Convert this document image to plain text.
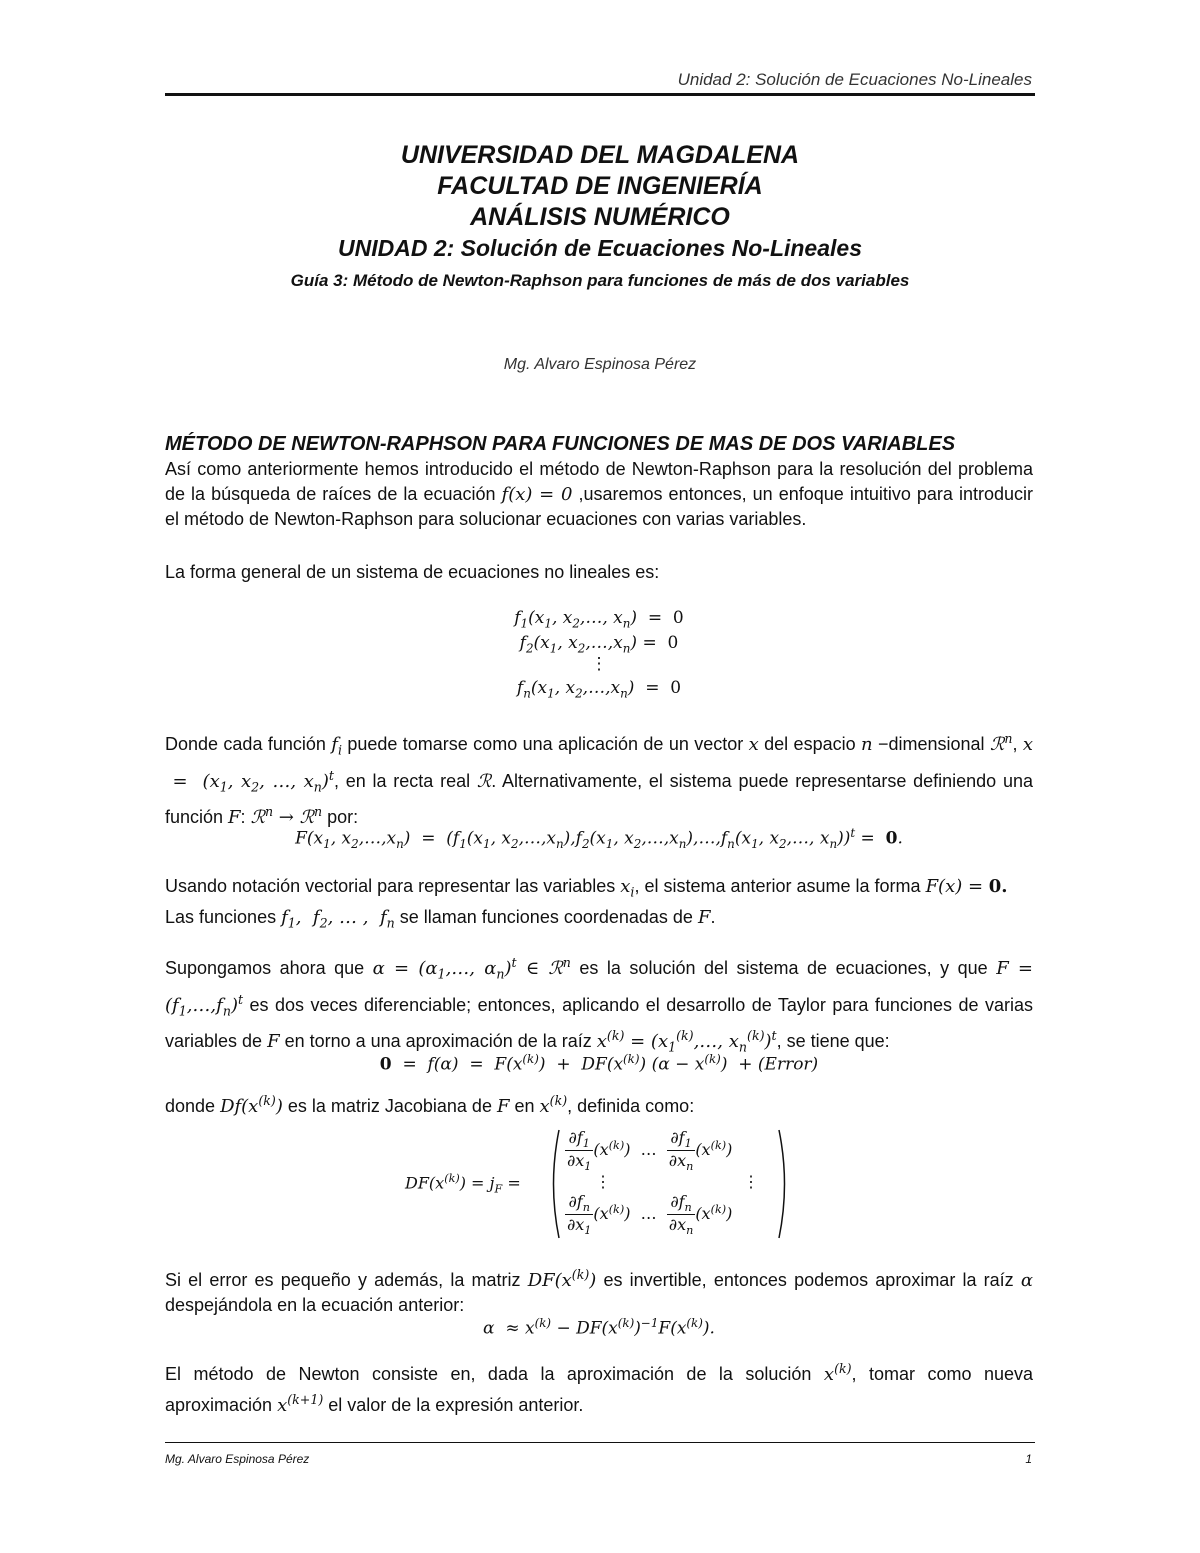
Unidad 2: Solución de Ecuaciones No-Lineales
UNIVERSIDAD DEL MAGDALENA
FACULTAD DE INGENIERÍA
ANÁLISIS NUMÉRICO
UNIDAD 2: Solución de Ecuaciones No-Lineales
Guía 3: Método de Newton-Raphson para funciones de más de dos variables
Mg. Alvaro Espinosa Pérez
MÉTODO DE NEWTON-RAPHSON PARA FUNCIONES DE MAS DE DOS VARIABLES
Así como anteriormente hemos introducido el método de Newton-Raphson para la resolución del problema de la búsqueda de raíces de la ecuación f(x) = 0 ,usaremos entonces, un enfoque intuitivo para introducir el método de Newton-Raphson para solucionar ecuaciones con varias variables.
La forma general de un sistema de ecuaciones no lineales es:
$f_1(x_1$, $x_2,\dots$, $x_n) = 0$
$f_2(x_1$, $x_2,\dots,x_n) = 0$
⋮
$f_n(x_1$, $x_2,\dots,x_n) = 0$
Donde cada función $f_i$ puede tomarse como una aplicación de un vector x del espacio n −dimensional ℛ$^n$, $x = (x_1$, $x_2$, …, $x_n)^t$, en la recta real ℛ. Alternativamente, el sistema puede representarse definiendo una función F: ℛ$^n$ → ℛ$^n$ por:
$F(x_1$, $x_2,\dots,x_n) = (f_1(x_1$, $x_2,\dots,x_n),f_2(x_1$, $x_2,\dots,x_n),\dots,f_n(x_1$, $x_2,\dots$, $x_n))^t = 0$.
Usando notación vectorial para representar las variables $x_i$, el sistema anterior asume la forma F(x) = 0. Las funciones $f_1$,  $f_2$, … ,  $f_n$ se llaman funciones coordenadas de F.
Supongamos ahora que $\alpha = (\alpha_1,\dots$, $\alpha_n)^t$ ∈ ℛ$^n$ es la solución del sistema de ecuaciones, y que $F = (f_1,\dots,f_n)^t$ es dos veces diferenciable; entonces, aplicando el desarrollo de Taylor para funciones de varias variables de F en torno a una aproximación de la raíz $x^{(k)}$ = ($x_1^{(k)},\dots$, $x_n^{(k)})^t$, se tiene que:
$0 = f(\alpha) = F(x^{(k)}) + DF(x^{(k)}) (\alpha - x^{(k)})$  + (Error)
donde $Df(x^{(k)})$ es la matriz Jacobiana de F en $x^{(k)}$, definida como:
$DF(x^{(k)}) = j_F$ =
$\frac{\partial f_1}{\partial x_1} (x^{(k)})$  … $\frac{\partial f_1}{\partial x_n} (x^{(k)})$
⋮	⋮
$\frac{\partial f_n}{\partial x_1} (x^{(k)})$  … $\frac{\partial f_n}{\partial x_n} (x^{(k)})$
Si el error es pequeño y además, la matriz $DF(x^{(k)})$ es invertible, entonces podemos aproximar la raíz α despejándola en la ecuación anterior:
$\alpha \approx x^{(k)} - DF(x^{(k)})^{-1}F(x^{(k)})$.
El método de Newton consiste en, dada la aproximación de la solución $x^{(k)}$, tomar como nueva aproximación $x^{(k+1)}$ el valor de la expresión anterior.
Mg. Alvaro Espinosa Pérez	1
